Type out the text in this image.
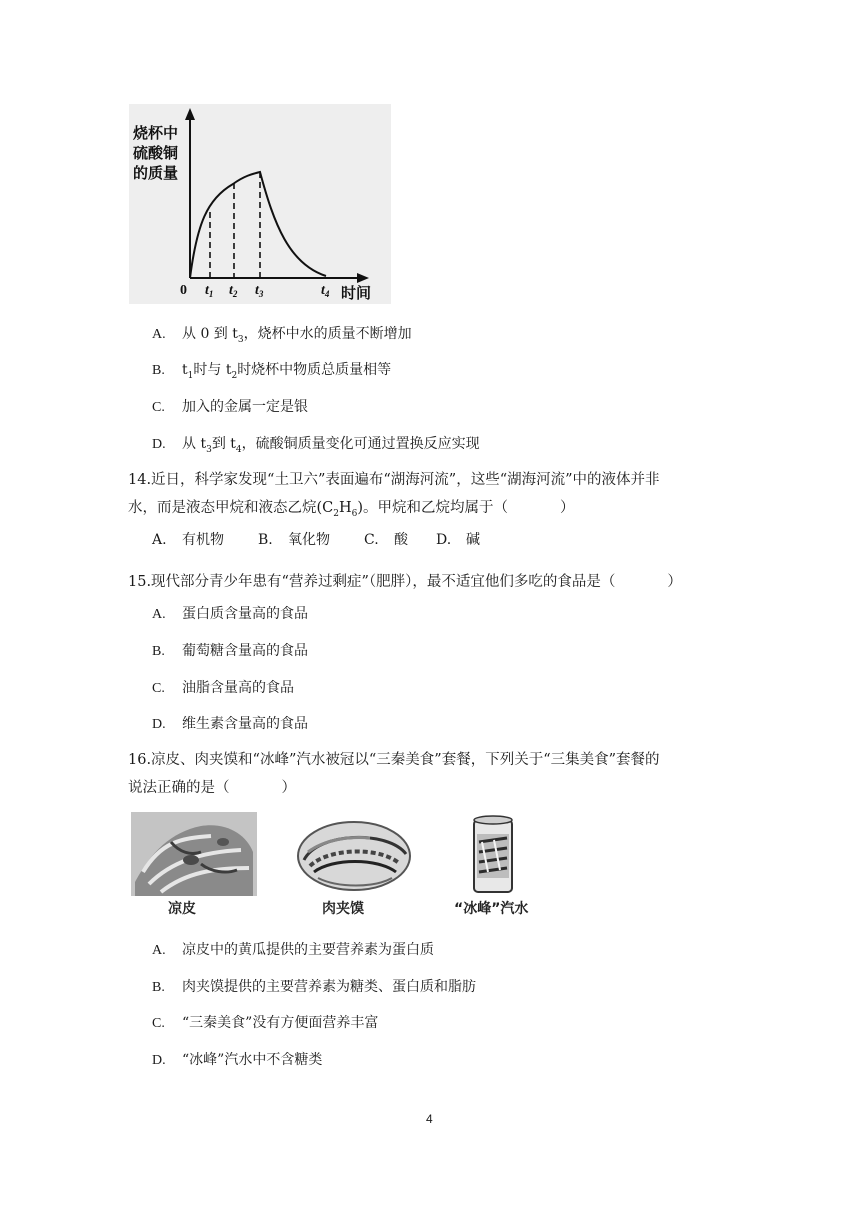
烧杯中
硫酸铜
的质量
0 $t_1$ $t_2$ $t_3$	$t_4$ 时间
A. 从 0 到 $t_3$，烧杯中水的质量不断增加
B. $t_1$时与 $t_2$时烧杯中物质总质量相等
C. 加入的金属一定是银
D. 从 $t_3$到 $t_4$，硫酸铜质量变化可通过置换反应实现
14.近日，科学家发现“土卫六”表面遍布“湖海河流”，这些“湖海河流”中的液体并非
水，而是液态甲烷和液态乙烷$(C_2H_6)$。甲烷和乙烷均属于（	）
A. 有机物 B. 氧化物 C. 酸 D. 碱
15.现代部分青少年患有“营养过剩症”（肥胖），最不适宜他们多吃的食品是（	）
A. 蛋白质含量高的食品
B. 葡萄糖含量高的食品
C. 油脂含量高的食品
D. 维生素含量高的食品
16.凉皮、肉夹馍和“冰峰”汽水被冠以“三秦美食”套餐，下列关于“三集美食”套餐的
说法正确的是（	）
凉皮	肉夹馍	“冰峰”汽水
A. 凉皮中的黄瓜提供的主要营养素为蛋白质
B. 肉夹馍提供的主要营养素为糖类、蛋白质和脂肪
C. “三秦美食”没有方便面营养丰富
D. “冰峰”汽水中不含糖类
4
